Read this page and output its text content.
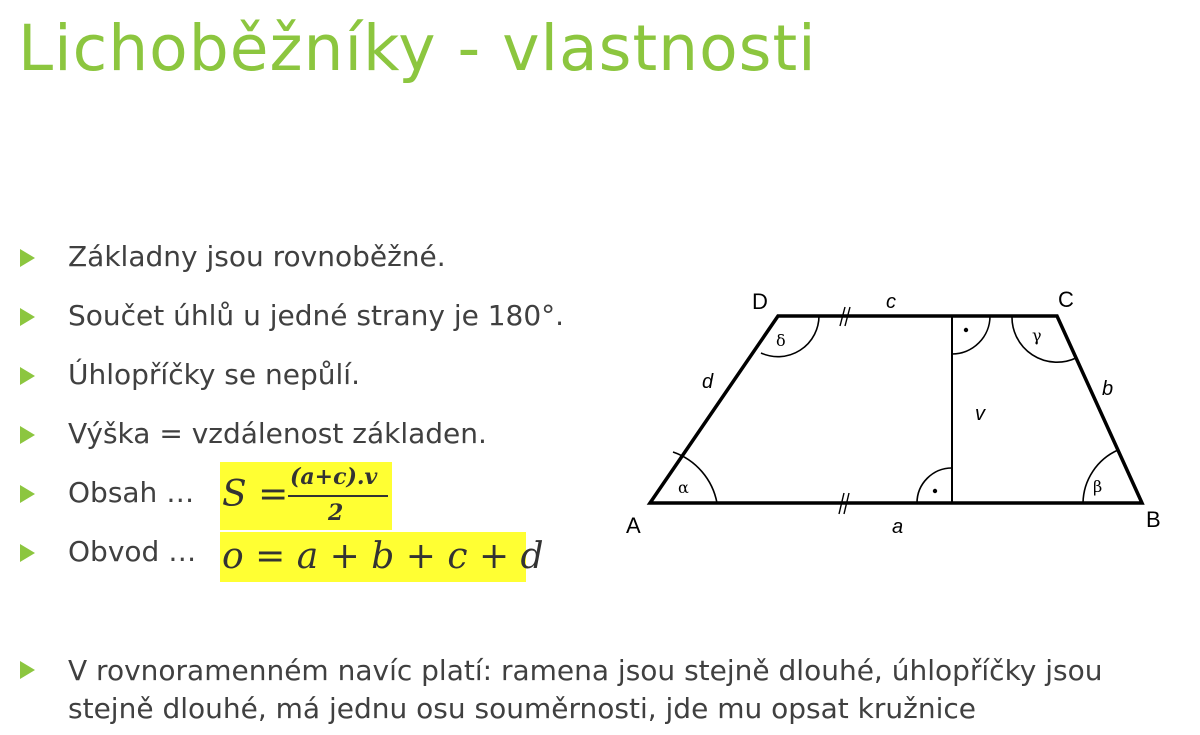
Lichoběžníky - vlastnosti
Základny jsou rovnoběžné.
Součet úhlů u jedné strany je 180°.
Úhlopříčky se nepůlí.
Výška = vzdálenost základen.
Obsah …
Obvod …
S = (a+c).v
2
o = a + b + c + d
D	C
A	B
c
a
d	b
v
α	β
γ
δ
V rovnoramenném navíc platí: ramena jsou stejně dlouhé, úhlopříčky jsou
stejně dlouhé, má jednu osu souměrnosti, jde mu opsat kružnice
